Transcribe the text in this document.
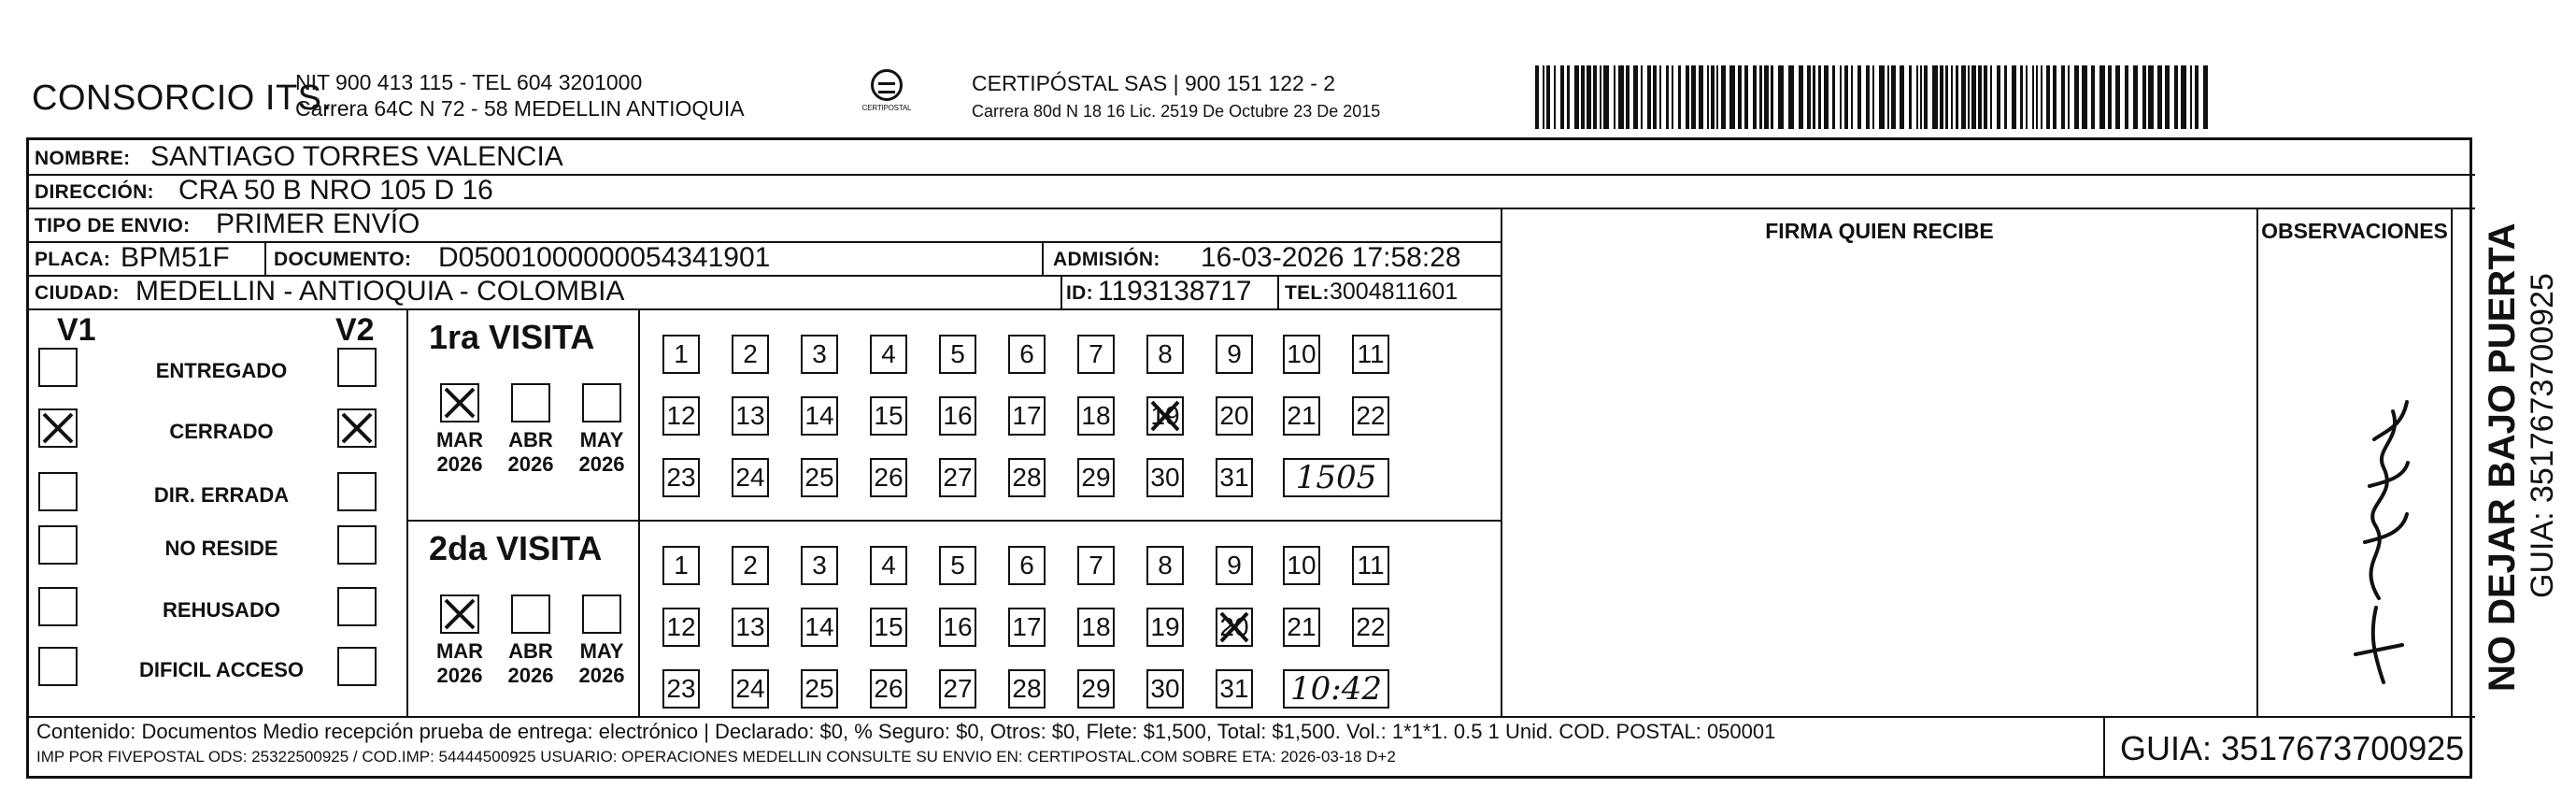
CONSORCIO ITS.
NIT 900 413 115 - TEL 604 3201000
Carrera 64C N 72 - 58 MEDELLIN ANTIOQUIA	CERTIPOSTAL
CERTIPÓSTAL SAS | 900 151 122 - 2
Carrera 80d N 18 16 Lic. 2519 De Octubre 23 De 2015
NOMBRE: SANTIAGO TORRES VALENCIA
DIRECCIÓN: CRA 50 B NRO 105 D 16
TIPO DE ENVIO: PRIMER ENVÍO	FIRMA QUIEN RECIBE	OBSERVACIONES
PLACA: BPM51F DOCUMENTO: D05001000000054341901	ADMISIÓN: 16-03-2026 17:58:28
CIUDAD: MEDELLIN - ANTIOQUIA - COLOMBIA	ID: 1193138717 TEL: 3004811601
V1	V2
ENTREGADO
CERRADO
DIR. ERRADA
NO RESIDE
REHUSADO
DIFICIL ACCESO
1ra VISITA
MAR
2026
ABR
2026
MAY
2026
1	2	3	4	5	6	7	8	9	10 11
12 13 14 15 16 17 18 19 20 21 22
23 24 25 26 27 28 29 30 31	1505
2da VISITA
MAR
2026
ABR
2026
MAY
2026
1	2	3	4	5	6	7	8	9	10 11
12 13 14 15 16 17 18 19 20 21 22
23 24 25 26 27 28 29 30 31 10:42
Contenido: Documentos Medio recepción prueba de entrega: electrónico | Declarado: $0, % Seguro: $0, Otros: $0, Flete: $1,500, Total: $1,500. Vol.: 1*1*1. 0.5 1 Unid. COD. POSTAL: 050001
IMP POR FIVEPOSTAL ODS: 25322500925 / COD.IMP: 54444500925 USUARIO: OPERACIONES MEDELLIN CONSULTE SU ENVIO EN: CERTIPOSTAL.COM SOBRE ETA: 2026-03-18 D+2	GUIA: 3517673700925
NO DEJAR BAJO PUERTA GUIA: 3517673700925
